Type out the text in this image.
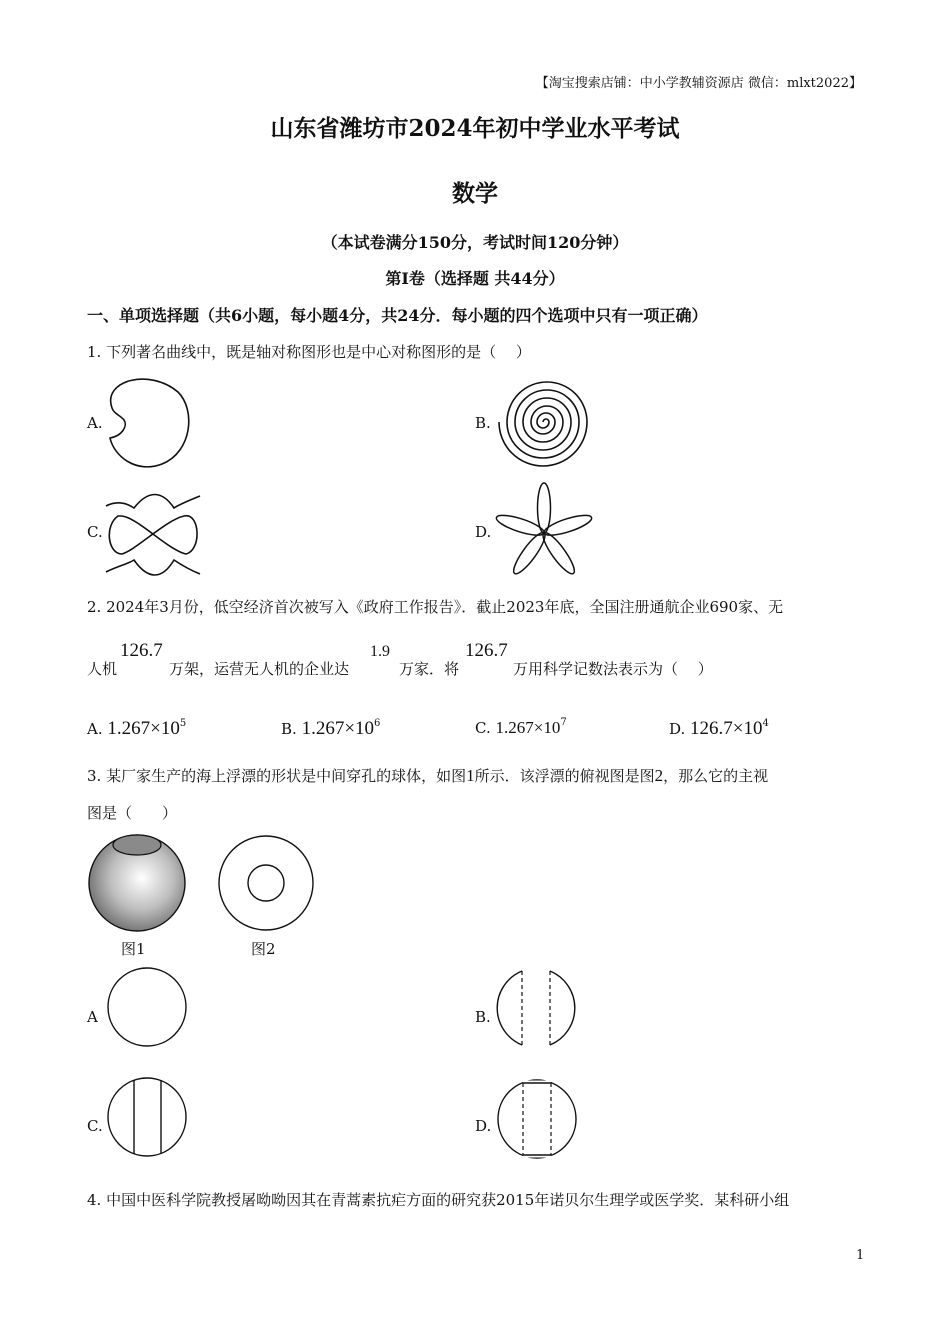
【淘宝搜索店铺：中小学教辅资源店 微信：mlxt2022】
山东省潍坊市2024年初中学业水平考试
数学
（本试卷满分150分，考试时间120分钟）
第Ⅰ卷（选择题 共44分）
一、单项选择题（共6小题，每小题4分，共24分．每小题的四个选项中只有一项正确）
1. 下列著名曲线中，既是轴对称图形也是中心对称图形的是（　 ）
A.	B.
C.	D.
2. 2024年3月份，低空经济首次被写入《政府工作报告》．截止2023年底，全国注册通航企业690家、无
人机
126.7
万架，运营无人机的企业达
1.9
万家．将
126.7
万用科学记数法表示为（　 ）
A. $1.267\times 10^5$	B. $1.267\times 10^6$	C. $1.267\times 10^7$	D. $126.7\times 10^4$
3. 某厂家生产的海上浮漂的形状是中间穿孔的球体，如图1所示．该浮漂的俯视图是图2，那么它的主视
图是（　　）
图1	图2
A	B.
C.	D.
4. 中国中医科学院教授屠呦呦因其在青蒿素抗疟方面的研究获2015年诺贝尔生理学或医学奖．某科研小组
1
